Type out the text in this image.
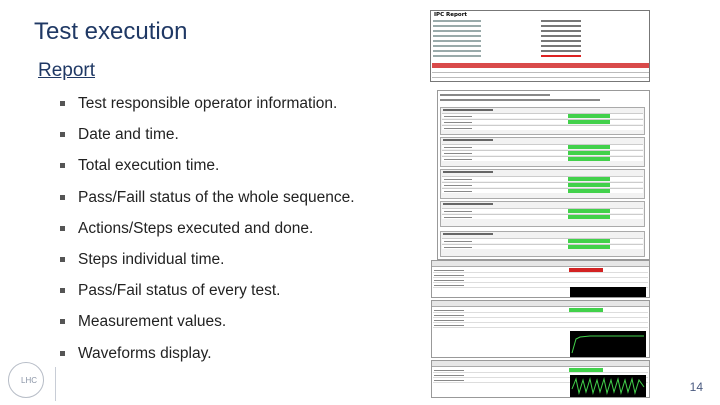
Test execution
Report
Test responsible operator information.
Date and time.
Total execution time.
Pass/Faill status of the whole sequence.
Actions/Steps executed and done.
Steps individual time.
Pass/Fail status of every test.
Measurement values.
Waveforms display.
LHC	14
IPC Report
